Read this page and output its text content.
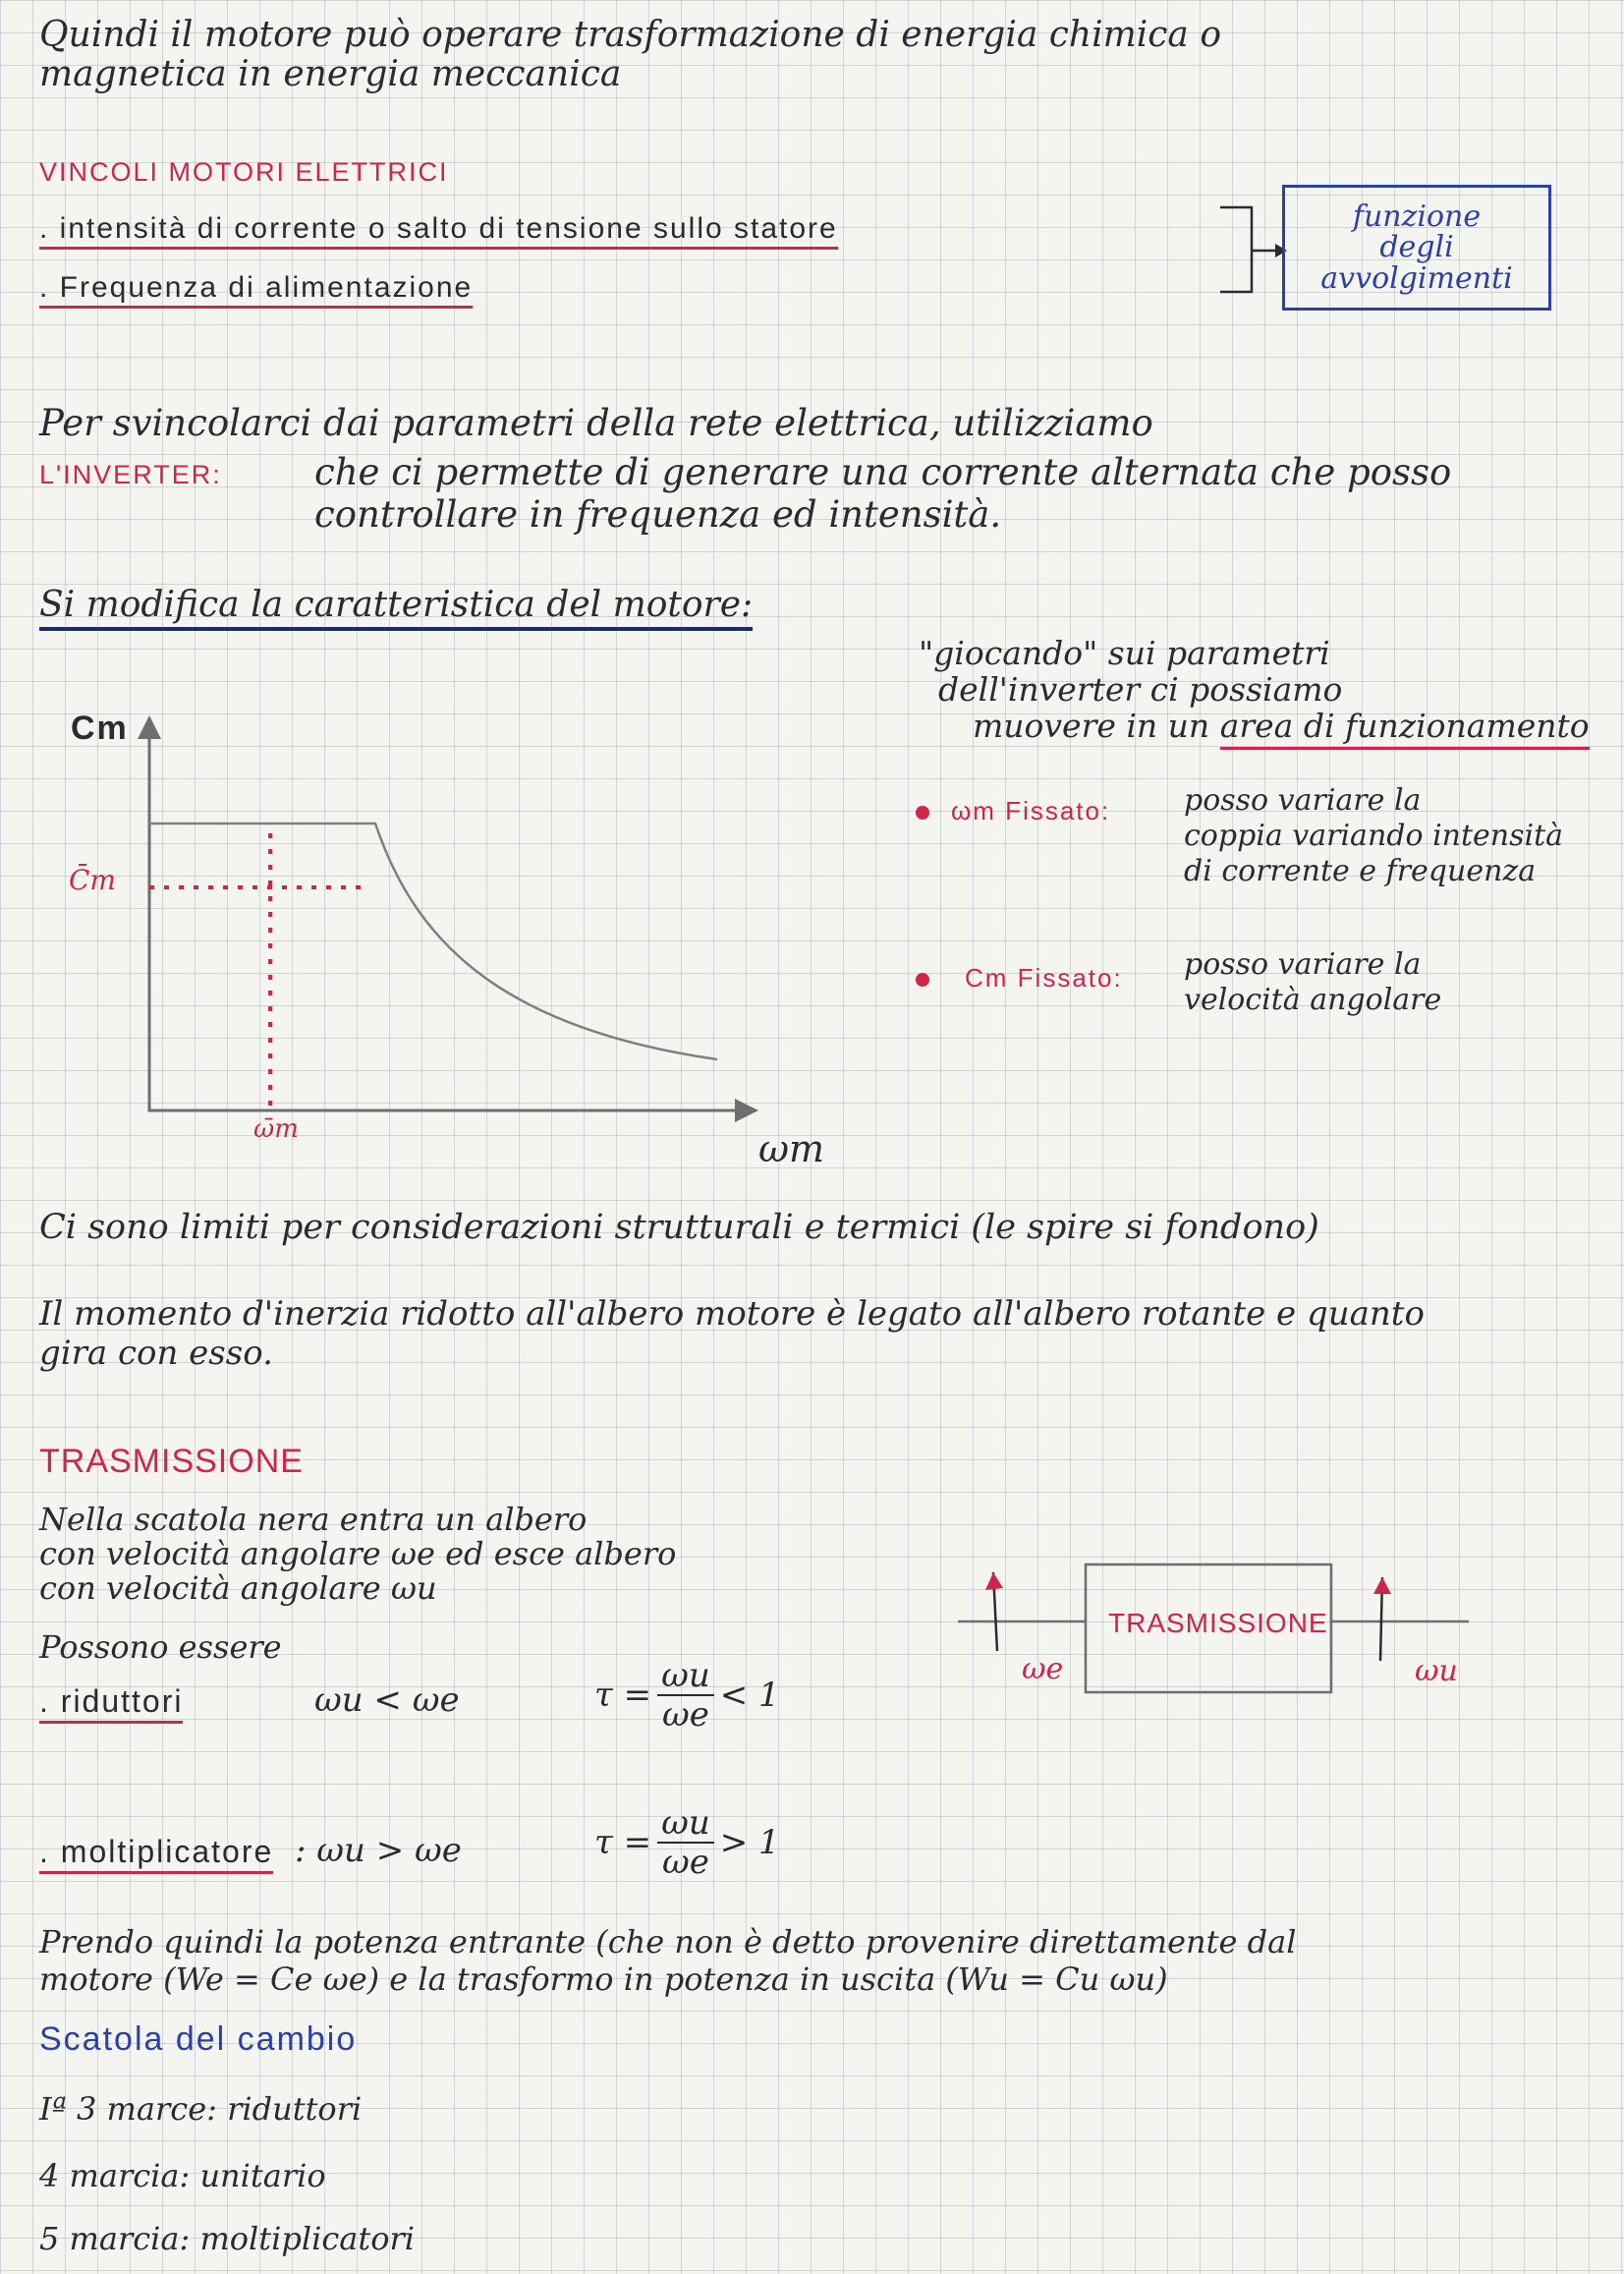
Quindi il motore può operare trasformazione di energia chimica o
magnetica in energia meccanica
VINCOLI MOTORI ELETTRICI
. intensità di corrente o salto di tensione sullo statore
. Frequenza di alimentazione
funzione
degli
avvolgimenti
Per svincolarci dai parametri della rete elettrica, utilizziamo
L'INVERTER:	che ci permette di generare una corrente alternata che posso
controllare in frequenza ed intensità.
Si modifica la caratteristica del motore:
Cm
ωm
C̄m
ω̄m
"giocando" sui parametri
dell'inverter ci possiamo
muovere in un area di funzionamento
ωm Fissato: posso variare la
coppia variando intensità
di corrente e frequenza
Cm Fissato: posso variare la
velocità angolare
Ci sono limiti per considerazioni strutturali e termici (le spire si fondono)
Il momento d'inerzia ridotto all'albero motore è legato all'albero rotante e quanto
gira con esso.
TRASMISSIONE
Nella scatola nera entra un albero
con velocità angolare ωe ed esce albero
con velocità angolare ωu
Possono essere
. riduttori	ωu < ωe	$\tau = \frac{\omega u}{\omega e} < 1$
. moltiplicatore : ωu > ωe	$\tau = \frac{\omega u}{\omega e} > 1$
TRASMISSIONE
ωe	ωu
Prendo quindi la potenza entrante (che non è detto provenire direttamente dal
motore (We = Ce ωe) e la trasformo in potenza in uscita (Wu = Cu ωu)
Scatola del cambio
Iª 3 marce: riduttori
4 marcia: unitario
5 marcia: moltiplicatori
